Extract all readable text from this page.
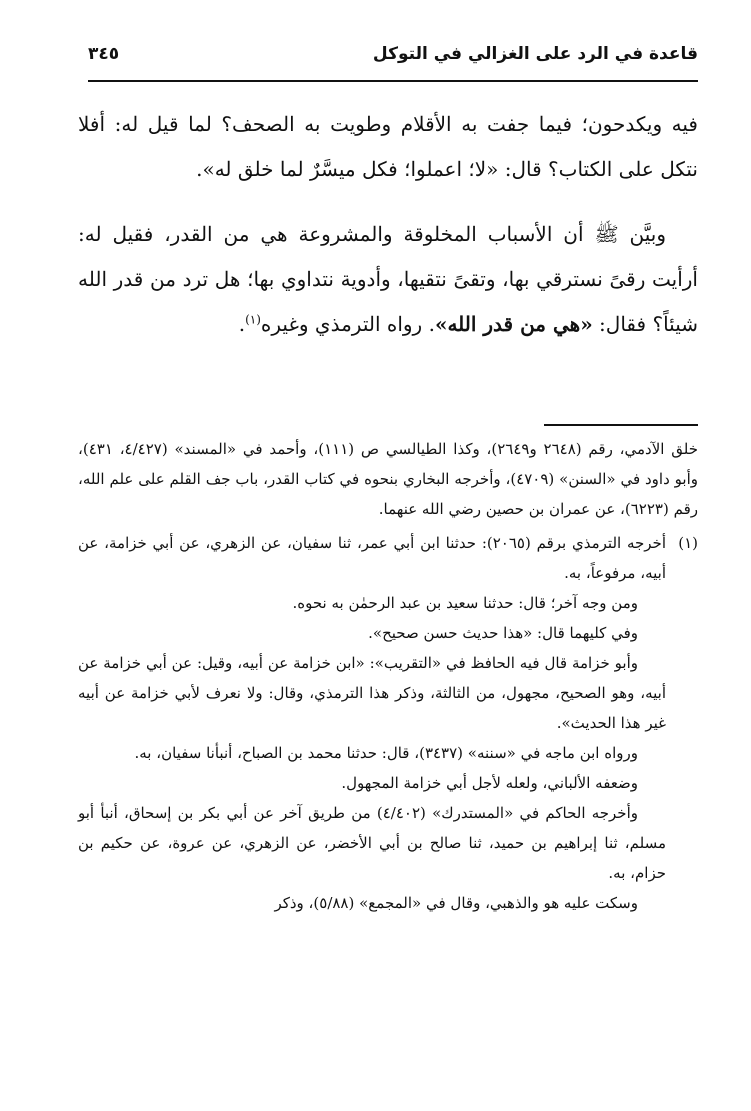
قاعدة في الرد على الغزالي في التوكل
٣٤٥

فيه ويكدحون؛ فيما جفت به الأقلام وطويت به الصحف؟ لما قيل له: أفلا نتكل على الكتاب؟ قال: «لا؛ اعملوا؛ فكل ميسَّرٌ لما خلق له».

وبيَّن ﷺ أن الأسباب المخلوقة والمشروعة هي من القدر، فقيل له: أرأيت رقىً نسترقي بها، وتقىً نتقيها، وأدوية نتداوي بها؛ هل ترد من قدر الله شيئاً؟ فقال: «هي من قدر الله». رواه الترمذي وغيره$^{(١)}$.

خلق الآدمي، رقم (٢٦٤٨ و٢٦٤٩)، وكذا الطيالسي ص (١١١)، وأحمد في «المسند» (٤/٤٢٧، ٤٣١)، وأبو داود في «السنن» (٤٧٠٩)، وأخرجه البخاري بنحوه في كتاب القدر، باب جف القلم على علم الله، رقم (٦٢٢٣)، عن عمران بن حصين رضي الله عنهما.

(١)

أخرجه الترمذي برقم (٢٠٦٥): حدثنا ابن أبي عمر، ثنا سفيان، عن الزهري، عن أبي خزامة، عن أبيه، مرفوعاً، به.

ومن وجه آخر؛ قال: حدثنا سعيد بن عبد الرحمٰن به نحوه.

وفي كليهما قال: «هذا حديث حسن صحيح».

وأبو خزامة قال فيه الحافظ في «التقريب»: «ابن خزامة عن أبيه، وقيل: عن أبي خزامة عن أبيه، وهو الصحيح، مجهول، من الثالثة، وذكر هذا الترمذي، وقال: ولا نعرف لأبي خزامة عن أبيه غير هذا الحديث».

ورواه ابن ماجه في «سننه» (٣٤٣٧)، قال: حدثنا محمد بن الصباح، أنبأنا سفيان، به.

وضعفه الألباني، ولعله لأجل أبي خزامة المجهول.

وأخرجه الحاكم في «المستدرك» (٤/٤٠٢) من طريق آخر عن أبي بكر بن إسحاق، أنبأ أبو مسلم، ثنا إبراهيم بن حميد، ثنا صالح بن أبي الأخضر، عن الزهري، عن عروة، عن حكيم بن حزام، به.

وسكت عليه هو والذهبي، وقال في «المجمع» (٥/٨٨)، وذكر
